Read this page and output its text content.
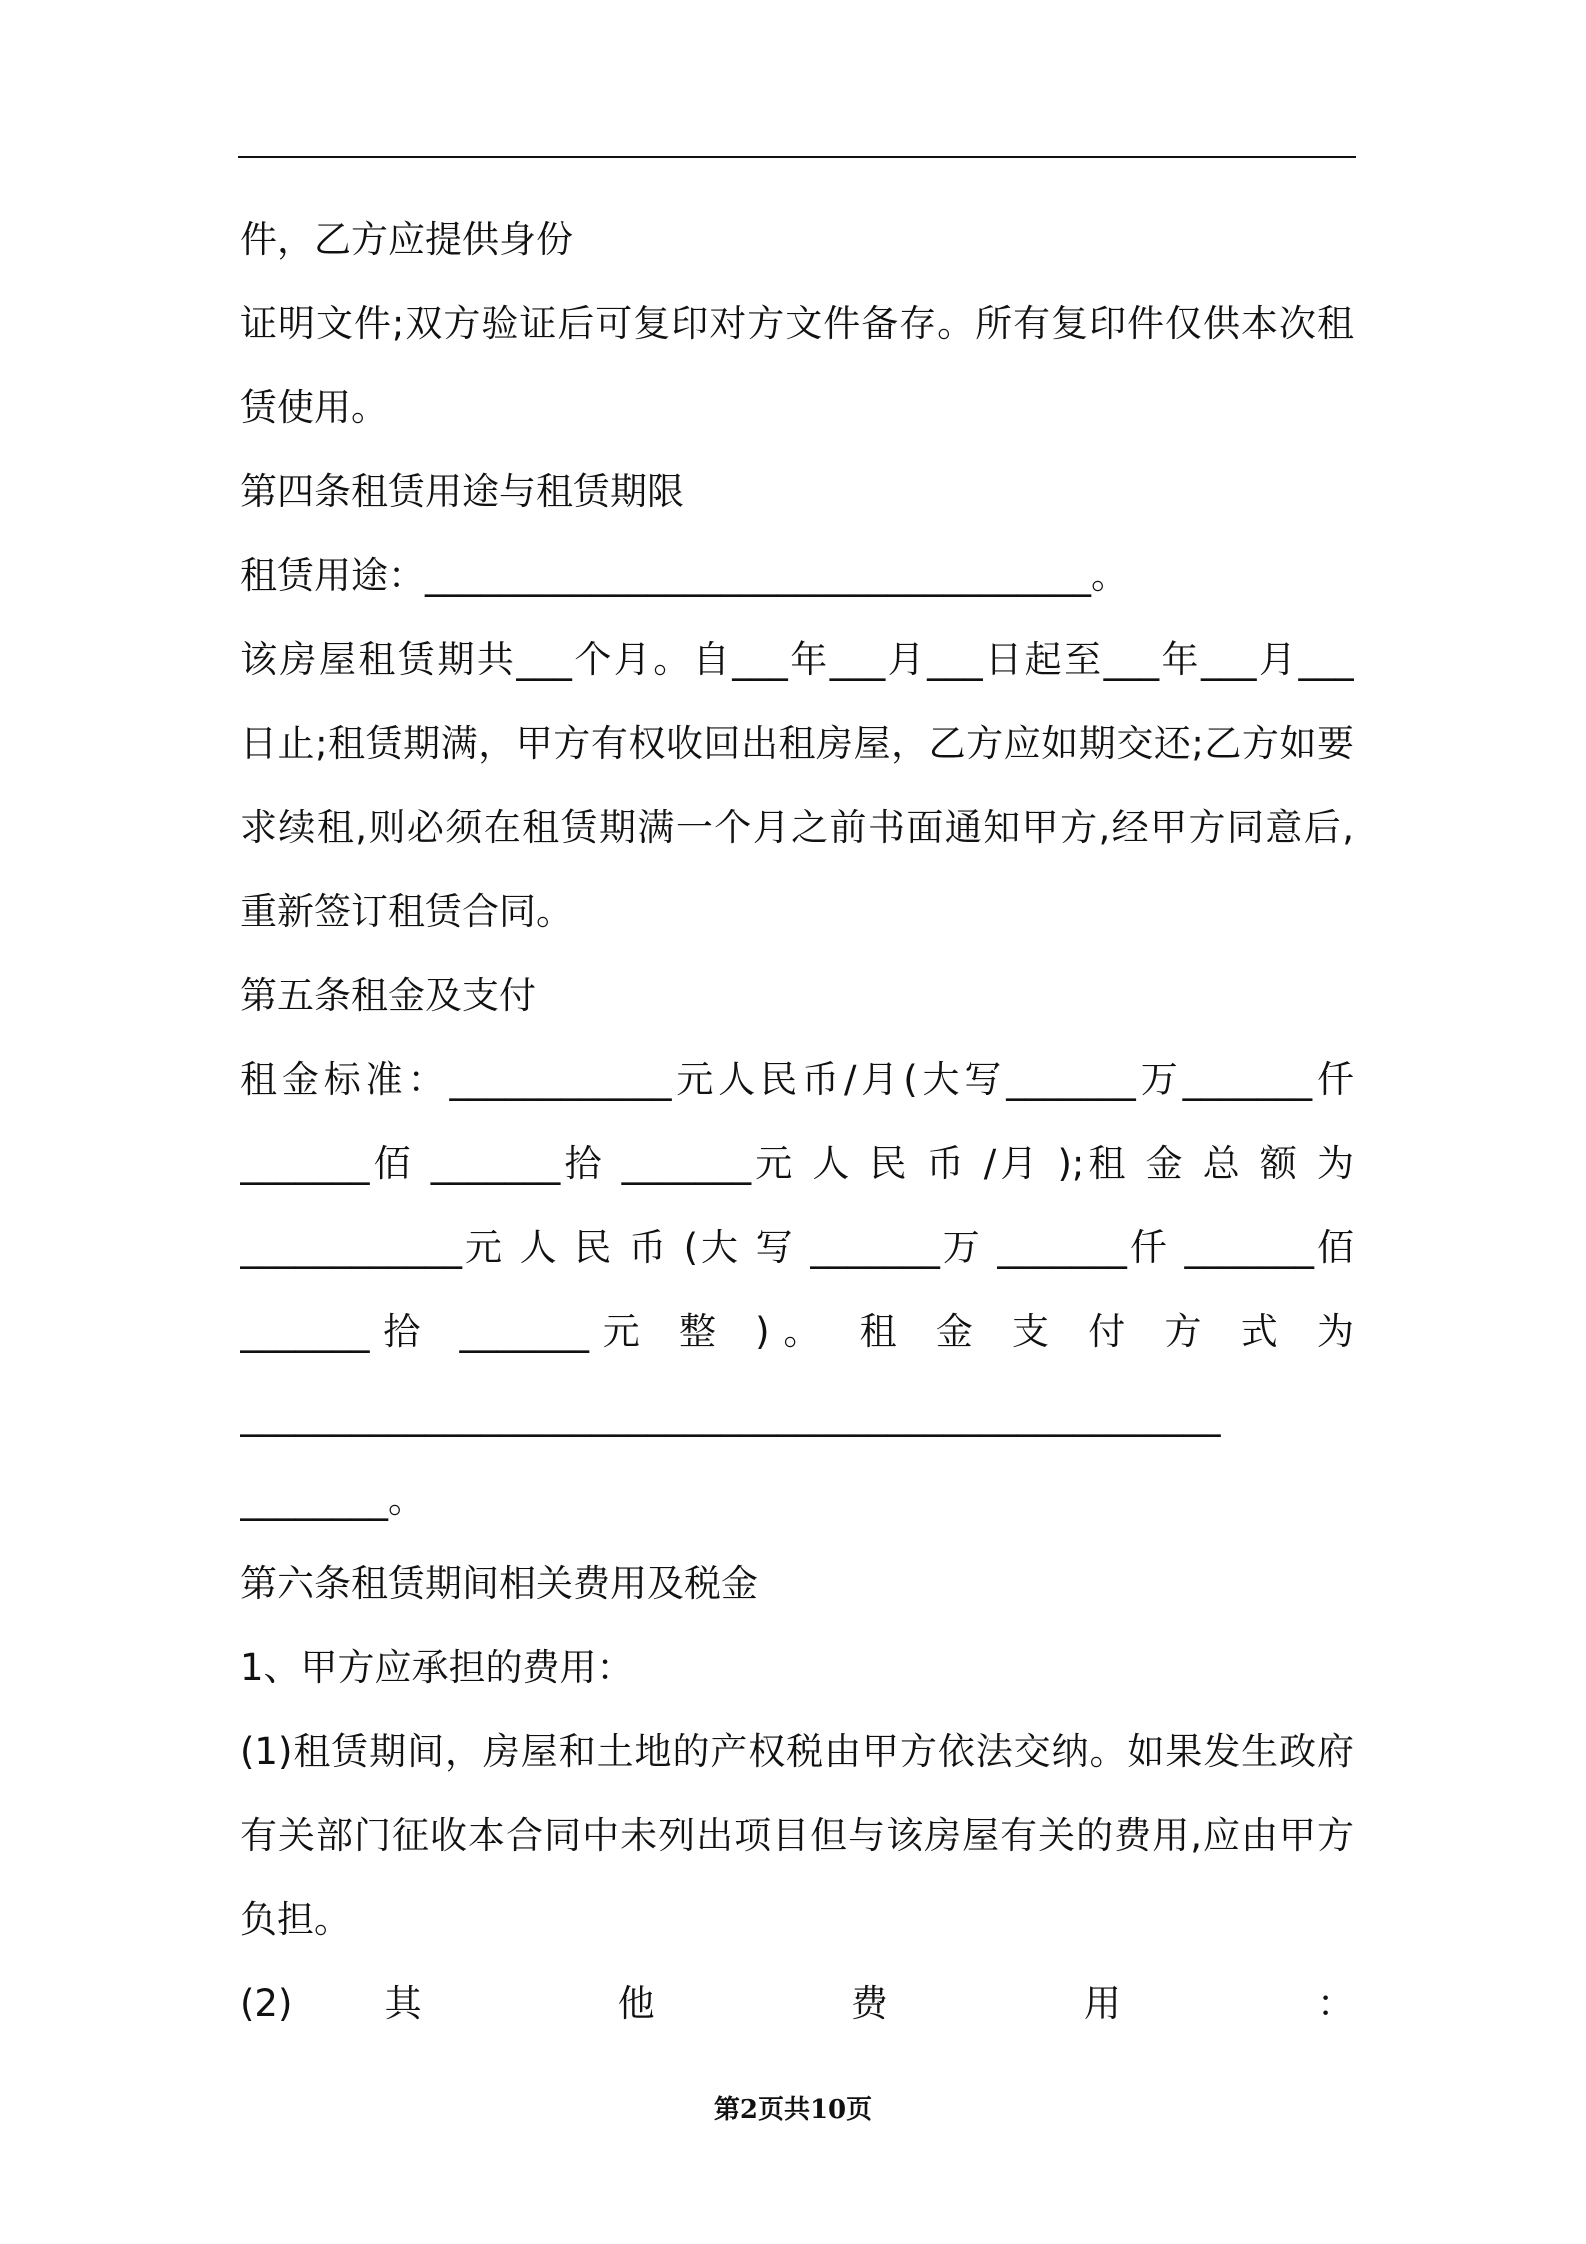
件，乙方应提供身份
证明文件;双方验证后可复印对方文件备存。所有复印件仅供本次租
赁使用。
第四条租赁用途与租赁期限
租赁用途：____________________________________。
该房屋租赁期共___个月。自___年___月___日起至___年___月___
日止;租赁期满，甲方有权收回出租房屋，乙方应如期交还;乙方如要
求续租,则必须在租赁期满一个月之前书面通知甲方,经甲方同意后,
重新签订租赁合同。
第五条租金及支付
租金标准：____________元人民币/月(大写_______万_______仟
_______佰 _______拾 _______元 人 民 币 /月 );租 金 总 额 为
____________元 人 民 币 (大 写 _______万 _______仟 _______佰
_______拾 _______元 整 )。 租 金 支 付 方 式 为
_____________________________________________________
________。
第六条租赁期间相关费用及税金
1、甲方应承担的费用：
(1)租赁期间，房屋和土地的产权税由甲方依法交纳。如果发生政府
有关部门征收本合同中未列出项目但与该房屋有关的费用,应由甲方
负担。
(2)其 他 费 用 ：
第2页共10页
